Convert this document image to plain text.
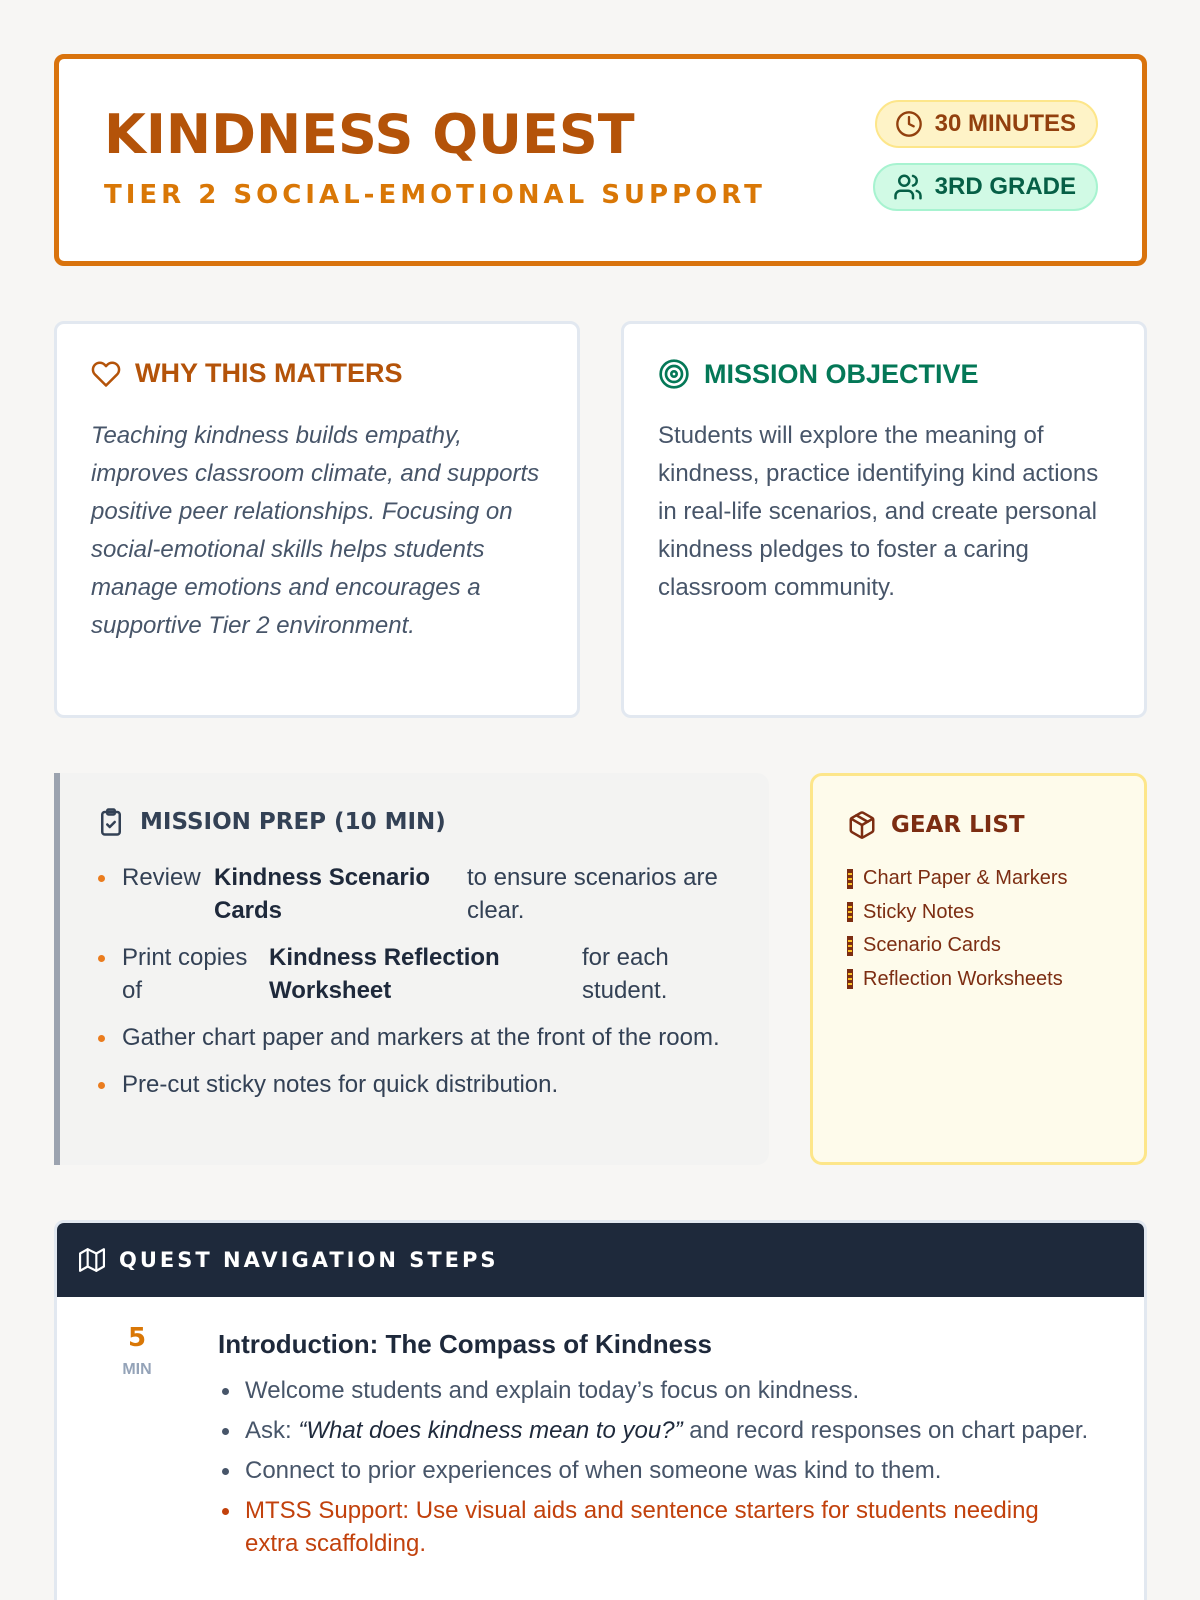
KINDNESS QUEST
TIER 2 SOCIAL-EMOTIONAL SUPPORT
30 MINUTES
3RD GRADE
WHY THIS MATTERS

Teaching kindness builds empathy, improves classroom climate, and supports positive peer relationships. Focusing on social-emotional skills helps students manage emotions and encourages a supportive Tier 2 environment.

MISSION OBJECTIVE

Students will explore the meaning of kindness, practice identifying kind actions in real-life scenarios, and create personal kindness pledges to foster a caring classroom community.

MISSION PREP (10 MIN)
Review Kindness Scenario Cards
to ensure scenarios are clear.
Print copies of
Kindness Reflection Worksheet
for each student.
Gather chart paper and markers at the front of the room.
Pre-cut sticky notes for quick distribution.
GEAR LIST
Chart Paper & Markers
Sticky Notes
Scenario Cards
Reflection Worksheets
QUEST NAVIGATION STEPS
5
MIN
Introduction: The Compass of Kindness
Welcome students and explain today’s focus on kindness.
Ask: “What does kindness mean to you?” and record responses on chart paper.
Connect to prior experiences of when someone was kind to them.
MTSS Support: Use visual aids and sentence starters for students needing extra scaffolding.
